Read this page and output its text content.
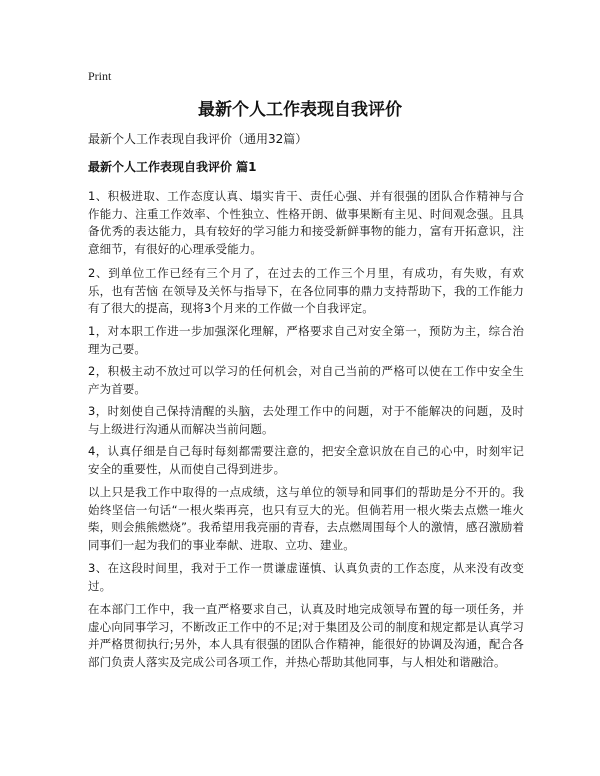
Print
最新个人工作表现自我评价
最新个人工作表现自我评价（通用32篇）
最新个人工作表现自我评价 篇1
1、积极进取、工作态度认真、塌实肯干、责任心强、并有很强的团队合作精神与合作能力、注重工作效率、个性独立、性格开朗、做事果断有主见、时间观念强。且具备优秀的表达能力，具有较好的学习能力和接受新鲜事物的能力，富有开拓意识，注意细节，有很好的心理承受能力。
2、到单位工作已经有三个月了，在过去的工作三个月里，有成功，有失败，有欢乐，也有苦恼 在领导及关怀与指导下，在各位同事的鼎力支持帮助下，我的工作能力有了很大的提高，现将3个月来的工作做一个自我评定。
1，对本职工作进一步加强深化理解，严格要求自己对安全第一，预防为主，综合治理为己要。
2，积极主动不放过可以学习的任何机会，对自己当前的严格可以使在工作中安全生产为首要。
3，时刻使自己保持清醒的头脑，去处理工作中的问题，对于不能解决的问题，及时与上级进行沟通从而解决当前问题。
4，认真仔细是自己每时每刻都需要注意的，把安全意识放在自己的心中，时刻牢记安全的重要性，从而使自己得到进步。
以上只是我工作中取得的一点成绩，这与单位的领导和同事们的帮助是分不开的。我始终坚信一句话“一根火柴再亮，也只有豆大的光。但倘若用一根火柴去点燃一堆火柴，则会熊熊燃烧”。我希望用我亮丽的青春，去点燃周围每个人的激情，感召激励着同事们一起为我们的事业奉献、进取、立功、建业。
3、在这段时间里，我对于工作一贯谦虚谨慎、认真负责的工作态度，从来没有改变过。
在本部门工作中，我一直严格要求自己，认真及时地完成领导布置的每一项任务，并虚心向同事学习，不断改正工作中的不足;对于集团及公司的制度和规定都是认真学习并严格贯彻执行;另外，本人具有很强的团队合作精神，能很好的协调及沟通，配合各部门负责人落实及完成公司各项工作，并热心帮助其他同事，与人相处和谐融洽。
